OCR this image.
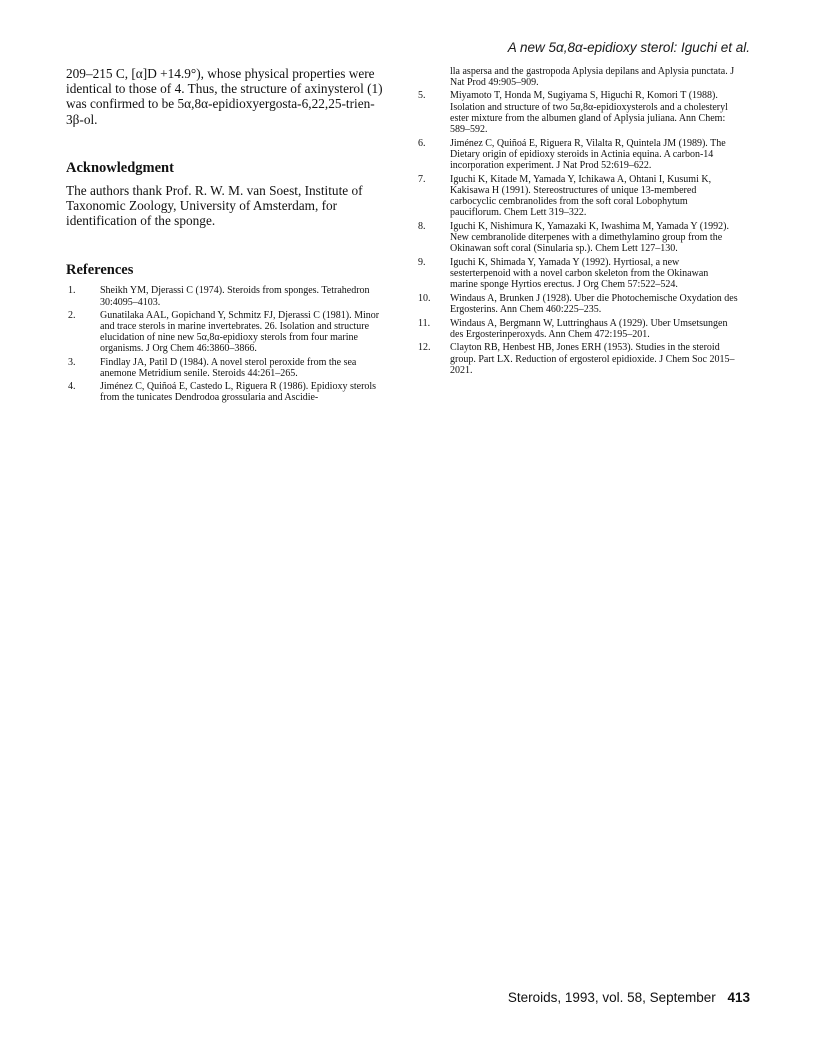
A new 5α,8α-epidioxy sterol: Iguchi et al.

209–215 C, [α]D +14.9°), whose physical properties were identical to those of 4. Thus, the structure of axinysterol (1) was confirmed to be 5α,8α-epidioxyergosta-6,22,25-trien-3β-ol.

Acknowledgment

The authors thank Prof. R. W. M. van Soest, Institute of Taxonomic Zoology, University of Amsterdam, for identification of the sponge.

References
1.	Sheikh YM, Djerassi C (1974). Steroids from sponges. Tetrahedron 30:4095–4103.
2.	Gunatilaka AAL, Gopichand Y, Schmitz FJ, Djerassi C (1981). Minor and trace sterols in marine invertebrates. 26. Isolation and structure elucidation of nine new 5α,8α-epidioxy sterols from four marine organisms. J Org Chem 46:3860–3866.
3.	Findlay JA, Patil D (1984). A novel sterol peroxide from the sea anemone Metridium senile. Steroids 44:261–265.
4.	Jiménez C, Quiñoá E, Castedo L, Riguera R (1986). Epidioxy sterols from the tunicates Dendrodoa grossularia and Ascidie-
lla aspersa and the gastropoda Aplysia depilans and Aplysia punctata. J Nat Prod 49:905–909.
5.	Miyamoto T, Honda M, Sugiyama S, Higuchi R, Komori T (1988). Isolation and structure of two 5α,8α-epidioxysterols and a cholesteryl ester mixture from the albumen gland of Aplysia juliana. Ann Chem: 589–592.
6.	Jiménez C, Quiñoá E, Riguera R, Vilalta R, Quintela JM (1989). The Dietary origin of epidioxy steroids in Actinia equina. A carbon-14 incorporation experiment. J Nat Prod 52:619–622.
7.	Iguchi K, Kitade M, Yamada Y, Ichikawa A, Ohtani I, Kusumi K, Kakisawa H (1991). Stereostructures of unique 13-membered carbocyclic cembranolides from the soft coral Lobophytum pauciflorum. Chem Lett 319–322.
8.	Iguchi K, Nishimura K, Yamazaki K, Iwashima M, Yamada Y (1992). New cembranolide diterpenes with a dimethylamino group from the Okinawan soft coral (Sinularia sp.). Chem Lett 127–130.
9.	Iguchi K, Shimada Y, Yamada Y (1992). Hyrtiosal, a new sesterterpenoid with a novel carbon skeleton from the Okinawan marine sponge Hyrtios erectus. J Org Chem 57:522–524.
10.	Windaus A, Brunken J (1928). Uber die Photochemische Oxydation des Ergosterins. Ann Chem 460:225–235.
11.	Windaus A, Bergmann W, Luttringhaus A (1929). Uber Umsetsungen des Ergosterinperoxyds. Ann Chem 472:195–201.
12.	Clayton RB, Henbest HB, Jones ERH (1953). Studies in the steroid group. Part LX. Reduction of ergosterol epidioxide. J Chem Soc 2015–2021.
Steroids, 1993, vol. 58, September 413
